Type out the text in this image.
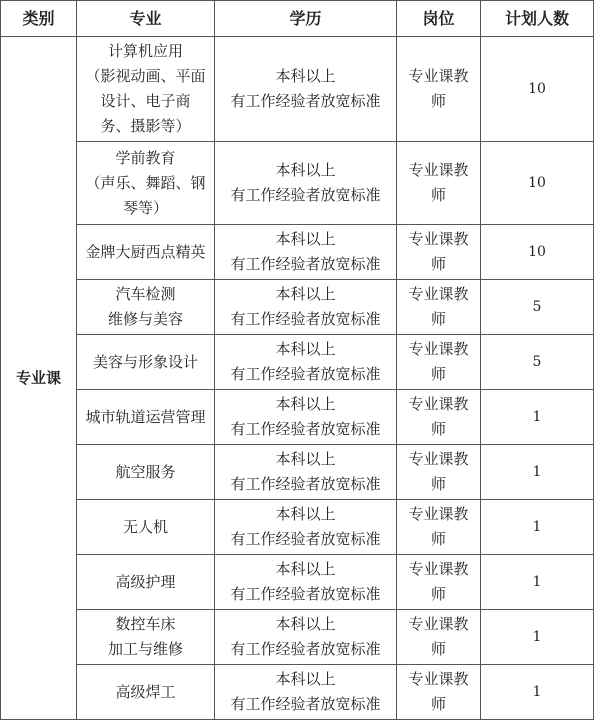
类别	专业	学历	岗位	计划人数
专业课	计算机应用
（影视动画、平面
设计、电子商
务、摄影等）	本科以上
有工作经验者放宽标准	专业课教
师	10

	学前教育
（声乐、舞蹈、钢
琴等）	本科以上
有工作经验者放宽标准	专业课教
师	10

	金牌大厨西点精英	本科以上
有工作经验者放宽标准	专业课教
师	10

	汽车检测
维修与美容	本科以上
有工作经验者放宽标准	专业课教
师	5

	美容与形象设计	本科以上
有工作经验者放宽标准	专业课教
师	5

	城市轨道运营管理	本科以上
有工作经验者放宽标准	专业课教
师	1

	航空服务	本科以上
有工作经验者放宽标准	专业课教
师	1

	无人机	本科以上
有工作经验者放宽标准	专业课教
师	1

	高级护理	本科以上
有工作经验者放宽标准	专业课教
师	1

	数控车床
加工与维修	本科以上
有工作经验者放宽标准	专业课教
师	1

	高级焊工	本科以上
有工作经验者放宽标准	专业课教
师	1
